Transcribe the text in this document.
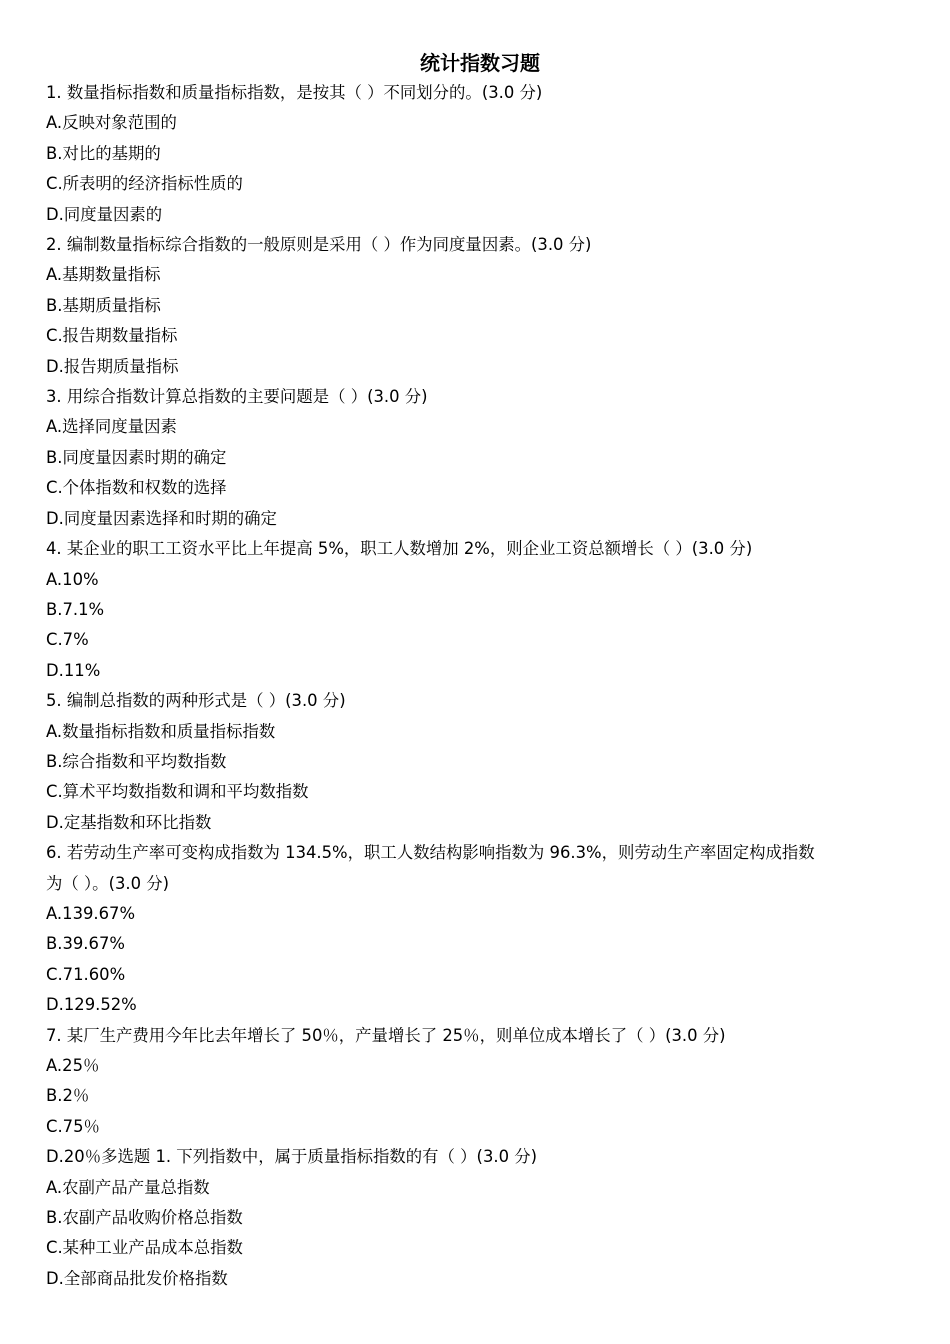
统计指数习题
1. 数量指标指数和质量指标指数，是按其（ ）不同划分的。(3.0 分)
A.反映对象范围的
B.对比的基期的
C.所表明的经济指标性质的
D.同度量因素的
2. 编制数量指标综合指数的一般原则是采用（ ）作为同度量因素。(3.0 分)
A.基期数量指标
B.基期质量指标
C.报告期数量指标
D.报告期质量指标
3. 用综合指数计算总指数的主要问题是（ ）(3.0 分)
A.选择同度量因素
B.同度量因素时期的确定
C.个体指数和权数的选择
D.同度量因素选择和时期的确定
4. 某企业的职工工资水平比上年提高 5%，职工人数增加 2%，则企业工资总额增长（ ）(3.0 分)
A.10%
B.7.1%
C.7%
D.11%
5. 编制总指数的两种形式是（ ）(3.0 分)
A.数量指标指数和质量指标指数
B.综合指数和平均数指数
C.算术平均数指数和调和平均数指数
D.定基指数和环比指数
6. 若劳动生产率可变构成指数为 134.5%，职工人数结构影响指数为 96.3%，则劳动生产率固定构成指数
为（ ）。(3.0 分)
A.139.67%
B.39.67%
C.71.60%
D.129.52%
7. 某厂生产费用今年比去年增长了 50％，产量增长了 25％，则单位成本增长了（ ）(3.0 分)
A.25％
B.2％
C.75％
D.20％多选题 1. 下列指数中，属于质量指标指数的有（ ）(3.0 分)
A.农副产品产量总指数
B.农副产品收购价格总指数
C.某种工业产品成本总指数
D.全部商品批发价格指数
